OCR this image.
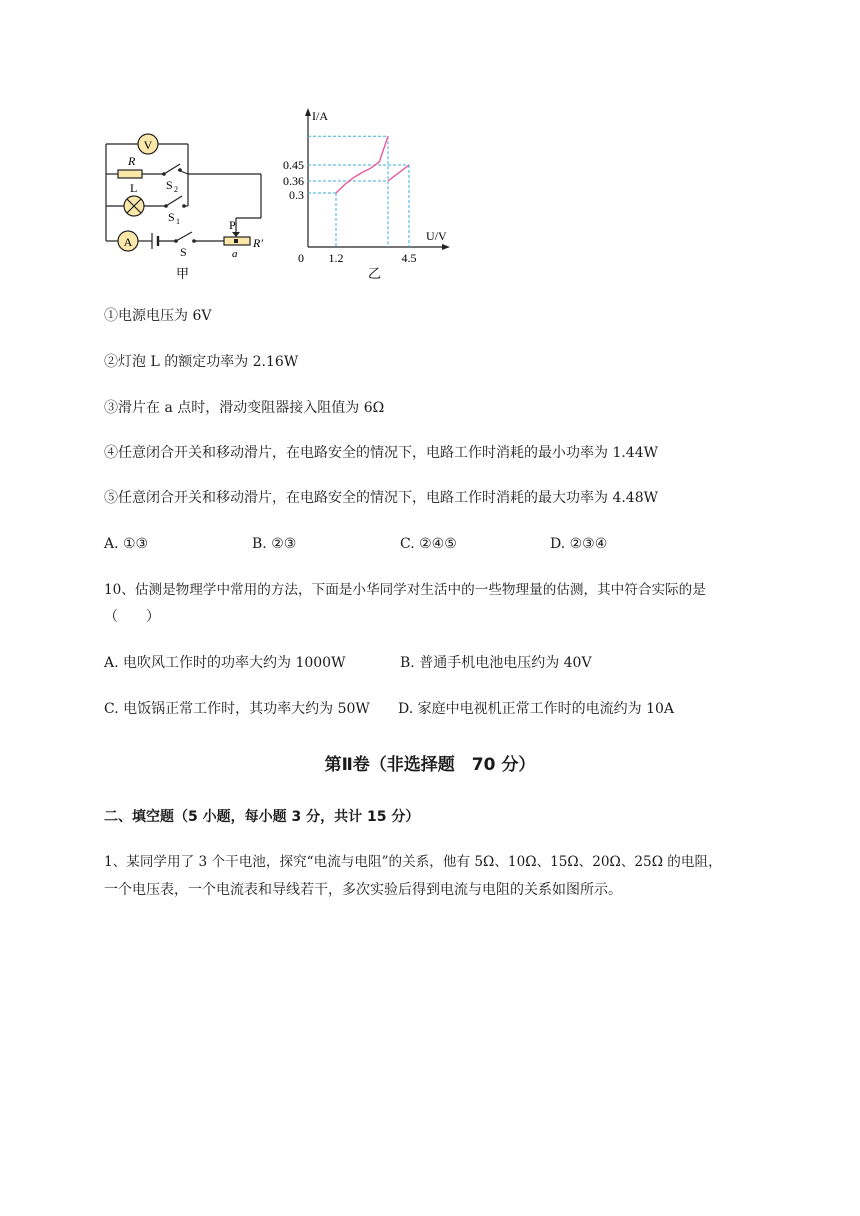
V
R
S 2
L
S 1
A
S
P
a
R′
甲
I/A
U/V
0
0.45
0.36
0.3
1.2	4.5
乙
①电源电压为 6V
②灯泡 L 的额定功率为 2.16W
③滑片在 a 点时，滑动变阻器接入阻值为 6Ω
④任意闭合开关和移动滑片，在电路安全的情况下，电路工作时消耗的最小功率为 1.44W
⑤任意闭合开关和移动滑片，在电路安全的情况下，电路工作时消耗的最大功率为 4.48W
A. ①③	B. ②③	C. ②④⑤	D. ②③④
10、估测是物理学中常用的方法，下面是小华同学对生活中的一些物理量的估测，其中符合实际的是
（　　）
A. 电吹风工作时的功率大约为 1000W	B. 普通手机电池电压约为 40V
C. 电饭锅正常工作时，其功率大约为 50W D. 家庭中电视机正常工作时的电流约为 10A
第Ⅱ卷（非选择题　70 分）
二、填空题（5 小题，每小题 3 分，共计 15 分）
1、某同学用了 3 个干电池，探究“电流与电阻”的关系，他有 5Ω、10Ω、15Ω、20Ω、25Ω 的电阻，
一个电压表，一个电流表和导线若干，多次实验后得到电流与电阻的关系如图所示。
